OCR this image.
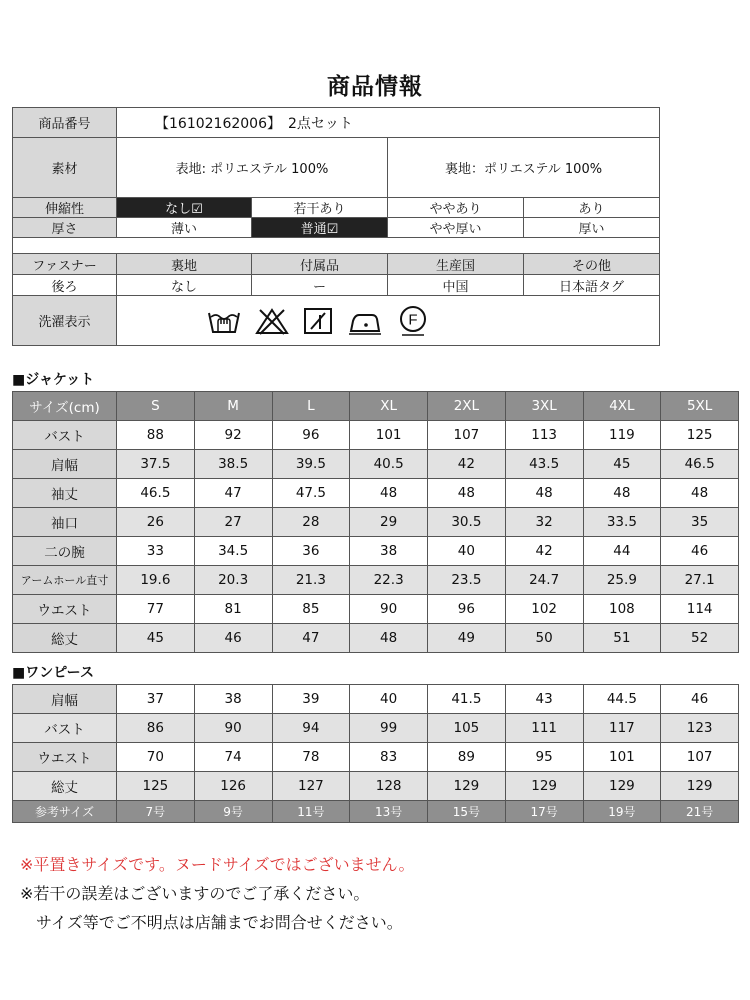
商品情報
商品番号	【16102162006】　2点セット			
素材	表地: ポリエステル 100%		裏地：ポリエステル 100%	
伸縮性	なし☑	若干あり	ややあり	あり
厚さ	薄い	普通☑	やや厚い	厚い

ファスナー	裏地	付属品	生産国	その他
後ろ	なし	ー	中国	日本語タグ
洗濯表示	F			
■ジャケット
サイズ(cm)	S	M	L	XL	2XL	3XL	4XL	5XL
バスト	88	92	96	101	107	113	119	125
肩幅	37.5	38.5	39.5	40.5	42	43.5	45	46.5
袖丈	46.5	47	47.5	48	48	48	48	48
袖口	26	27	28	29	30.5	32	33.5	35
二の腕	33	34.5	36	38	40	42	44	46
アームホール直寸	19.6	20.3	21.3	22.3	23.5	24.7	25.9	27.1
ウエスト	77	81	85	90	96	102	108	114
総丈	45	46	47	48	49	50	51	52
■ワンピース
肩幅	37	38	39	40	41.5	43	44.5	46
バスト	86	90	94	99	105	111	117	123
ウエスト	70	74	78	83	89	95	101	107
総丈	125	126	127	128	129	129	129	129
参考サイズ	7号	9号	11号	13号	15号	17号	19号	21号
※平置きサイズです。ヌードサイズではございません。
※若干の誤差はございますのでご了承ください。
　サイズ等でご不明点は店舗までお問合せください。
